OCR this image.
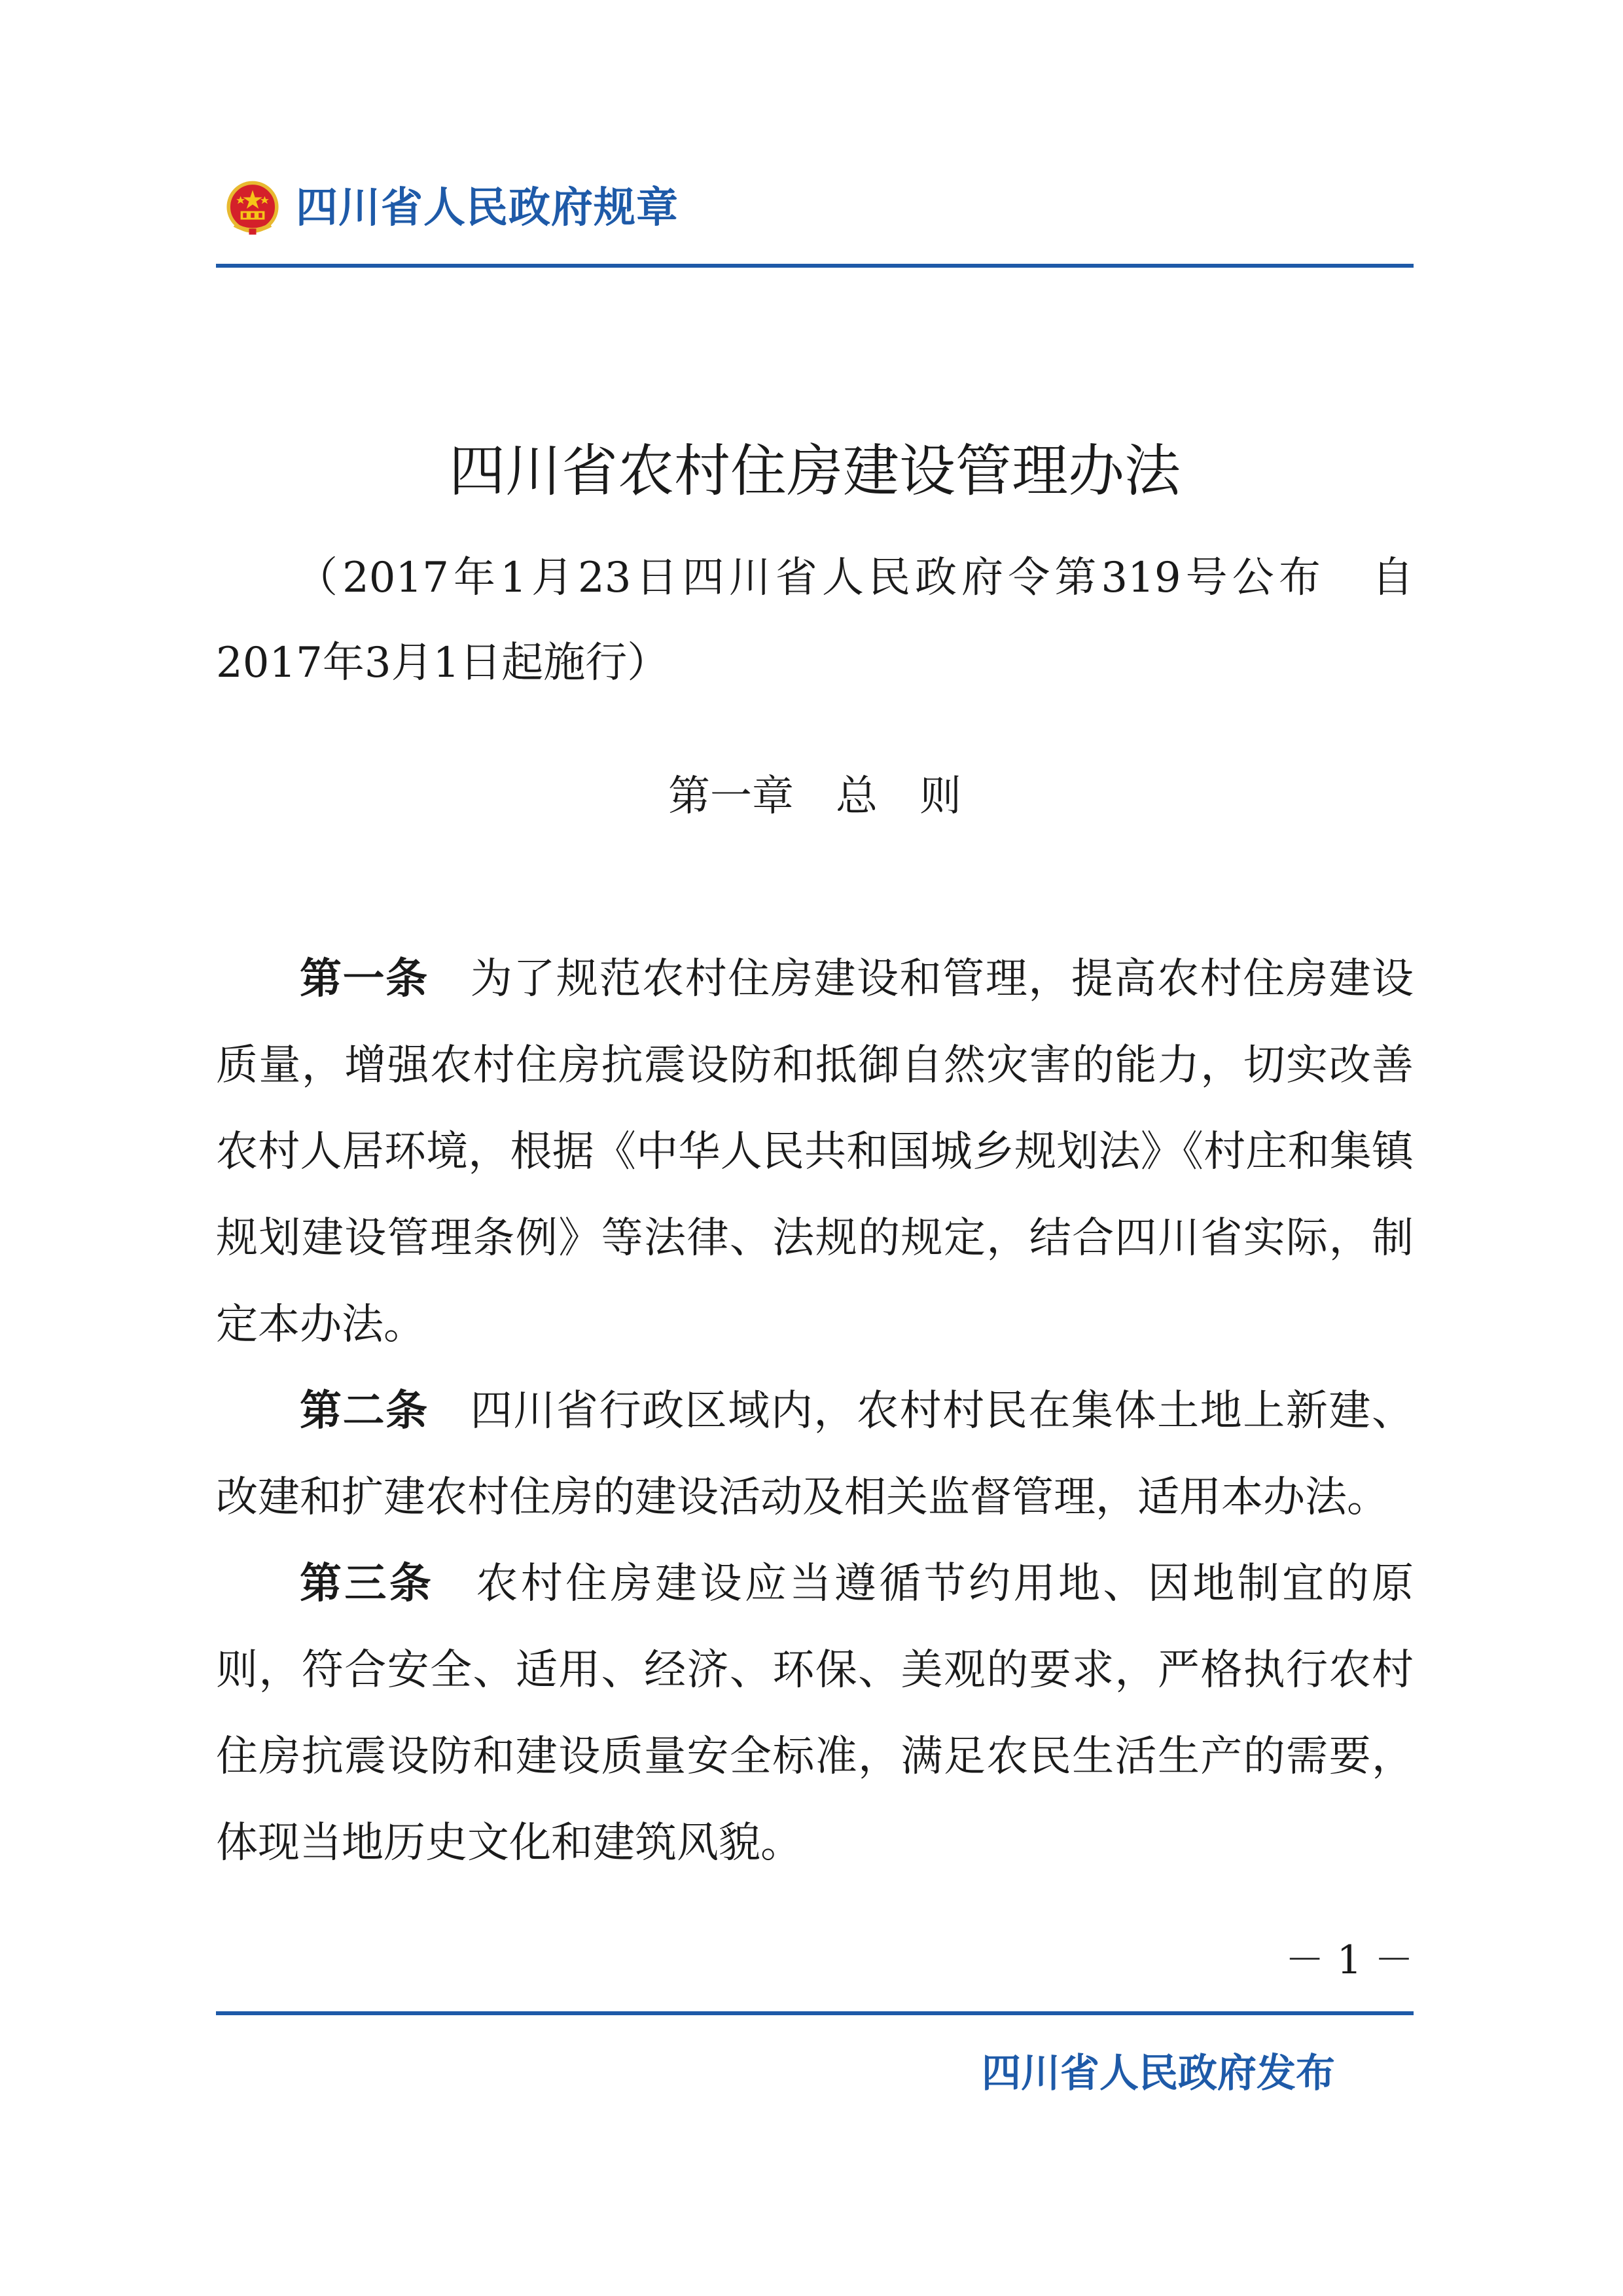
四川省人民政府规章
四川省农村住房建设管理办法
（2017年1月23日四川省人民政府令第319号公布　自2017年3月1日起施行）
第一章　总　则

第一条 为了规范农村住房建设和管理，提高农村住房建设质量，增强农村住房抗震设防和抵御自然灾害的能力，切实改善农村人居环境，根据《中华人民共和国城乡规划法》《村庄和集镇规划建设管理条例》等法律、法规的规定，结合四川省实际，制定本办法。

第二条 四川省行政区域内，农村村民在集体土地上新建、改建和扩建农村住房的建设活动及相关监督管理，适用本办法。

第三条 农村住房建设应当遵循节约用地、因地制宜的原则，符合安全、适用、经济、环保、美观的要求，严格执行农村住房抗震设防和建设质量安全标准，满足农民生活生产的需要，体现当地历史文化和建筑风貌。

－ 1 －
四川省人民政府发布
